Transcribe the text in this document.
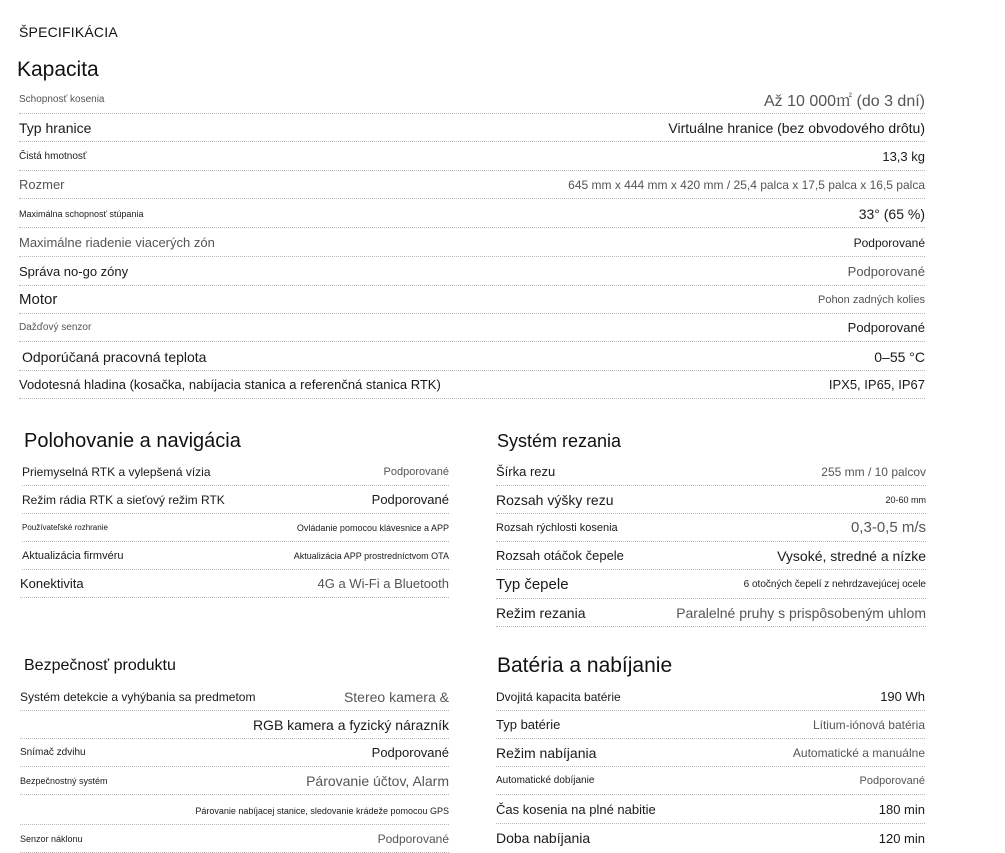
ŠPECIFIKÁCIA
Kapacita
Schopnosť kosenia	Až 10 000㎡ (do 3 dní)
Typ hranice	Virtuálne hranice (bez obvodového drôtu)
Čistá hmotnosť	13,3 kg
Rozmer	645 mm x 444 mm x 420 mm / 25,4 palca x 17,5 palca x 16,5 palca
Maximálna schopnosť stúpania	33° (65 %)
Maximálne riadenie viacerých zón	Podporované
Správa no-go zóny	Podporované
Motor	Pohon zadných kolies
Dažďový senzor	Podporované
Odporúčaná pracovná teplota	0–55 °C
Vodotesná hladina (kosačka, nabíjacia stanica a referenčná stanica RTK)	IPX5, IP65, IP67
Polohovanie a navigácia
Priemyselná RTK a vylepšená vízia	Podporované
Režim rádia RTK a sieťový režim RTK	Podporované
Používateľské rozhranie	Ovládanie pomocou klávesnice a APP
Aktualizácia firmvéru	Aktualizácia APP prostredníctvom OTA
Konektivita	4G a Wi-Fi a Bluetooth
Systém rezania
Šírka rezu	255 mm / 10 palcov
Rozsah výšky rezu	20-60 mm
Rozsah rýchlosti kosenia	0,3-0,5 m/s
Rozsah otáčok čepele	Vysoké, stredné a nízke
Typ čepele	6 otočných čepelí z nehrdzavejúcej ocele
Režim rezania	Paralelné pruhy s prispôsobeným uhlom
Bezpečnosť produktu
Systém detekcie a vyhýbania sa predmetom	Stereo kamera &
RGB kamera a fyzický nárazník
Snímač zdvihu	Podporované
Bezpečnostný systém	Párovanie účtov, Alarm
Párovanie nabíjacej stanice, sledovanie krádeže pomocou GPS
Senzor náklonu	Podporované
Batéria a nabíjanie
Dvojitá kapacita batérie	190 Wh
Typ batérie	Lítium-iónová batéria
Režim nabíjania	Automatické a manuálne
Automatické dobíjanie	Podporované
Čas kosenia na plné nabitie	180 min
Doba nabíjania	120 min
